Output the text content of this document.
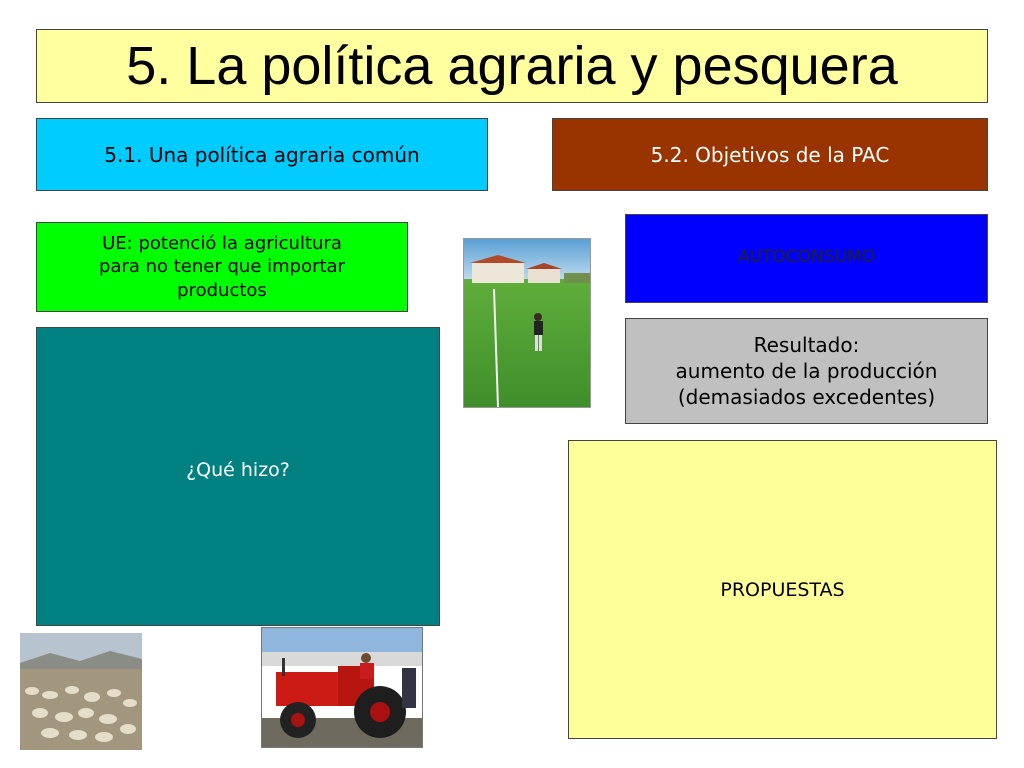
5. La política agraria y pesquera
5.1. Una política agraria común	5.2. Objetivos de la PAC
UE: potenció la agricultura
para no tener que importar
productos
¿Qué hizo?
AUTOCONSUMO
Resultado:
aumento de la producción
(demasiados excedentes)
PROPUESTAS
